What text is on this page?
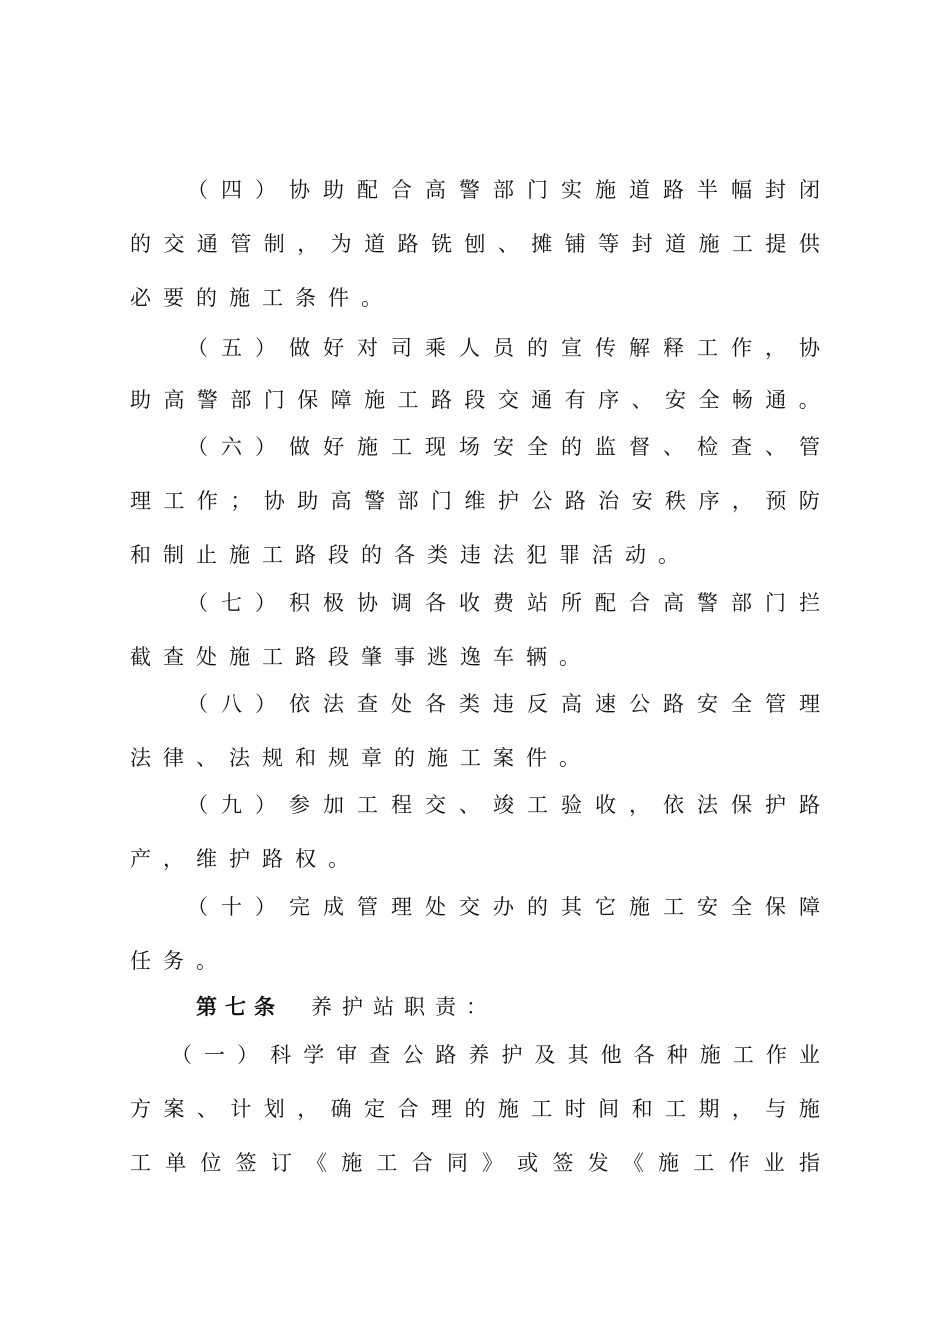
（ 四 ） 协 助 配 合 高 警 部 门 实 施 道 路 半 幅 封 闭
的 交 通 管 制 ， 为 道 路 铣 刨 、 摊 铺 等 封 道 施 工 提 供
必 要 的 施 工 条 件 。
（ 五 ） 做 好 对 司 乘 人 员 的 宣 传 解 释 工 作 ， 协
助 高 警 部 门 保 障 施 工 路 段 交 通 有 序 、 安 全 畅 通 。
（ 六 ） 做 好 施 工 现 场 安 全 的 监 督 、 检 查 、 管
理 工 作 ； 协 助 高 警 部 门 维 护 公 路 治 安 秩 序 ， 预 防
和 制 止 施 工 路 段 的 各 类 违 法 犯 罪 活 动 。
（ 七 ） 积 极 协 调 各 收 费 站 所 配 合 高 警 部 门 拦
截 查 处 施 工 路 段 肇 事 逃 逸 车 辆 。
（ 八 ） 依 法 查 处 各 类 违 反 高 速 公 路 安 全 管 理
法 律 、 法 规 和 规 章 的 施 工 案 件 。
（ 九 ） 参 加 工 程 交 、 竣 工 验 收 ， 依 法 保 护 路
产 ， 维 护 路 权 。
（ 十 ） 完 成 管 理 处 交 办 的 其 它 施 工 安 全 保 障
任 务 。
第七条 养护站职责：
（ 一 ） 科 学 审 查 公 路 养 护 及 其 他 各 种 施 工 作 业
方 案 、 计 划 ， 确 定 合 理 的 施 工 时 间 和 工 期 ， 与 施
工 单 位 签 订 《 施 工 合 同 》 或 签 发 《 施 工 作 业 指
